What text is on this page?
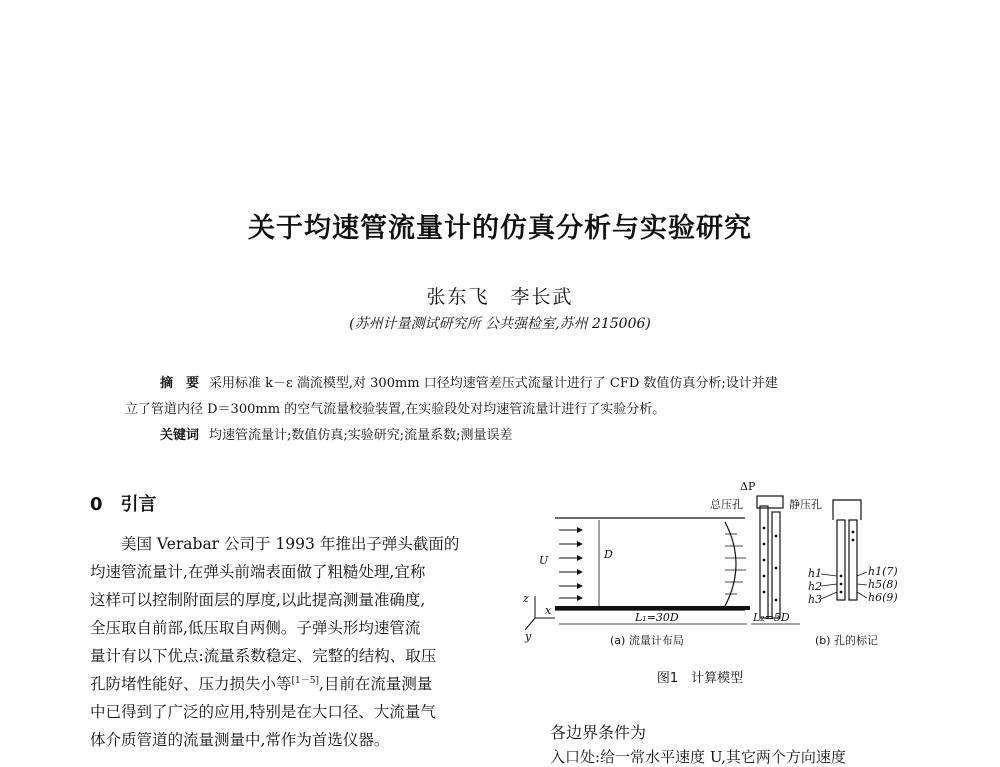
关于均速管流量计的仿真分析与实验研究
张东飞　李长武
(苏州计量测试研究所 公共强检室,苏州 215006)
摘　要 采用标准 k－ε 湍流模型,对 300mm 口径均速管差压式流量计进行了 CFD 数值仿真分析;设计并建
立了管道内径 D＝300mm 的空气流量校验装置,在实验段处对均速管流量计进行了实验分析。
关键词 均速管流量计;数值仿真;实验研究;流量系数;测量误差
0　引言
　　美国 Verabar 公司于 1993 年推出子弹头截面的
均速管流量计,在弹头前端表面做了粗糙处理,宜称
这样可以控制附面层的厚度,以此提高测量准确度,
全压取自前部,低压取自两侧。子弹头形均速管流
量计有以下优点:流量系数稳定、完整的结构、取压
孔防堵性能好、压力损失小等[1－5],目前在流量测量
中已得到了广泛的应用,特别是在大口径、大流量气
体介质管道的流量测量中,常作为首选仪器。
D
U
ΔP
总压孔	静压孔
z
x
y
L₁=30D	L₂=5D
(a) 流量计布局
h1
h2
h3
h1(7)
h5(8)
h6(9)
(b) 孔的标记
图1　计算模型
各边界条件为
入口处:给一常水平速度 U,其它两个方向速度
